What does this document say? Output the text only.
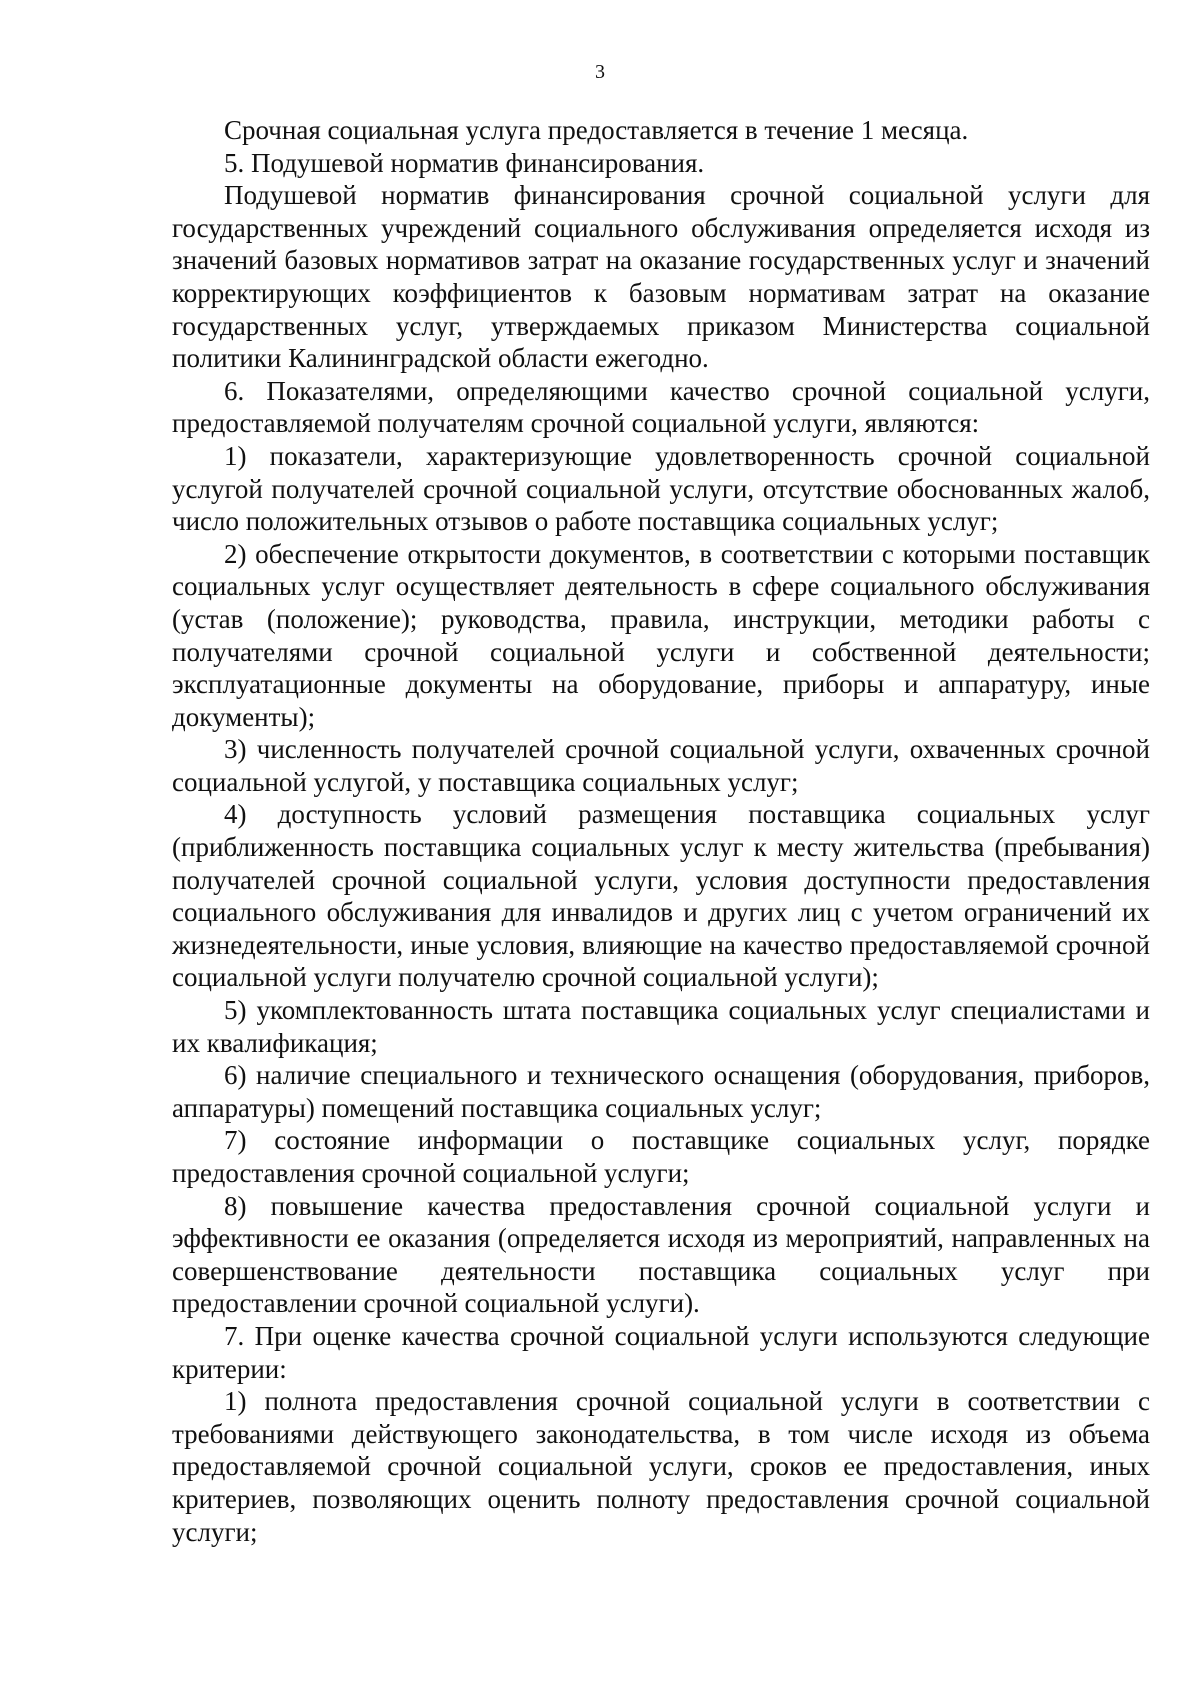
3

Срочная социальная услуга предоставляется в течение 1 месяца.

5. Подушевой норматив финансирования.

Подушевой норматив финансирования срочной социальной услуги для государственных учреждений социального обслуживания определяется исходя из значений базовых нормативов затрат на оказание государственных услуг и значений корректирующих коэффициентов к базовым нормативам затрат на оказание государственных услуг, утверждаемых приказом Министерства социальной политики Калининградской области ежегодно.

6. Показателями, определяющими качество срочной социальной услуги, предоставляемой получателям срочной социальной услуги, являются:

1) показатели, характеризующие удовлетворенность срочной социальной услугой получателей срочной социальной услуги, отсутствие обоснованных жалоб, число положительных отзывов о работе поставщика социальных услуг;

2) обеспечение открытости документов, в соответствии с которыми поставщик социальных услуг осуществляет деятельность в сфере социального обслуживания (устав (положение); руководства, правила, инструкции, методики работы с получателями срочной социальной услуги и собственной деятельности; эксплуатационные документы на оборудование, приборы и аппаратуру, иные документы);

3) численность получателей срочной социальной услуги, охваченных срочной социальной услугой, у поставщика социальных услуг;

4) доступность условий размещения поставщика социальных услуг (приближенность поставщика социальных услуг к месту жительства (пребывания) получателей срочной социальной услуги, условия доступности предоставления социального обслуживания для инвалидов и других лиц с учетом ограничений их жизнедеятельности, иные условия, влияющие на качество предоставляемой срочной социальной услуги получателю срочной социальной услуги);

5) укомплектованность штата поставщика социальных услуг специалистами и их квалификация;

6) наличие специального и технического оснащения (оборудования, приборов, аппаратуры) помещений поставщика социальных услуг;

7) состояние информации о поставщике социальных услуг, порядке предоставления срочной социальной услуги;

8) повышение качества предоставления срочной социальной услуги и эффективности ее оказания (определяется исходя из мероприятий, направленных на совершенствование деятельности поставщика социальных услуг при предоставлении срочной социальной услуги).

7. При оценке качества срочной социальной услуги используются следующие критерии:

1) полнота предоставления срочной социальной услуги в соответствии с требованиями действующего законодательства, в том числе исходя из объема предоставляемой срочной социальной услуги, сроков ее предоставления, иных критериев, позволяющих оценить полноту предоставления срочной социальной услуги;
